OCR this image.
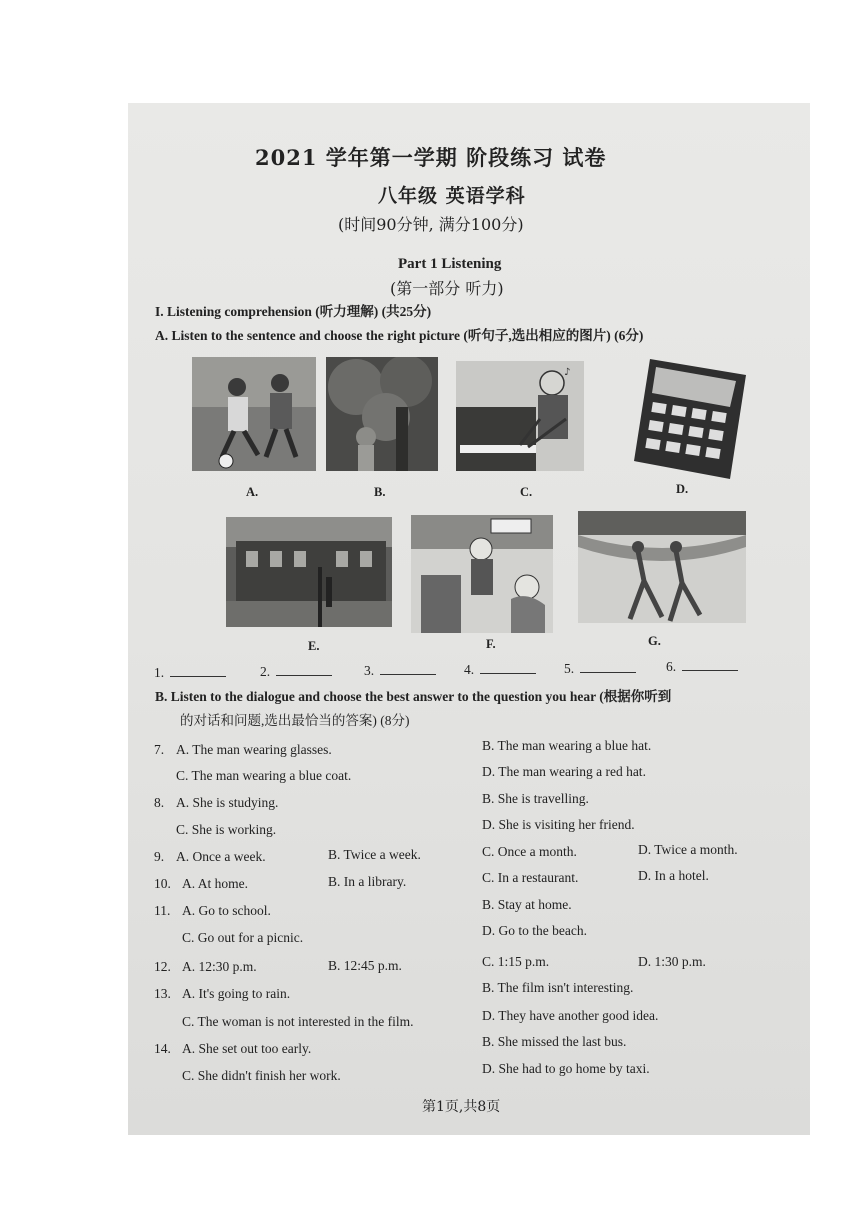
2021 学年第一学期 阶段练习 试卷
八年级 英语学科
(时间90分钟, 满分100分)
Part 1 Listening
(第一部分 听力)
I. Listening comprehension (听力理解) (共25分)
A. Listen to the sentence and choose the right picture (听句子,选出相应的图片) (6分)
♪
A.	B.	C.	D.
E.	F.	G.
1.	2.	3.	4.	5.	6.
B. Listen to the dialogue and choose the best answer to the question you hear (根据你听到
的对话和问题,选出最恰当的答案) (8分)
7. A. The man wearing glasses.	B. The man wearing a blue hat.
C. The man wearing a blue coat.	D. The man wearing a red hat.
8. A. She is studying.	B. She is travelling.
C. She is working.	D. She is visiting her friend.
9. A. Once a week.	B. Twice a week.	C. Once a month.	D. Twice a month.
10. A. At home.	B. In a library.	C. In a restaurant.	D. In a hotel.
11. A. Go to school.	B. Stay at home.
C. Go out for a picnic.	D. Go to the beach.
12. A. 12:30 p.m.	B. 12:45 p.m.	C. 1:15 p.m.	D. 1:30 p.m.
13. A. It's going to rain.	B. The film isn't interesting.
C. The woman is not interested in the film.	D. They have another good idea.
14. A. She set out too early.	B. She missed the last bus.
C. She didn't finish her work.	D. She had to go home by taxi.
第1页,共8页
